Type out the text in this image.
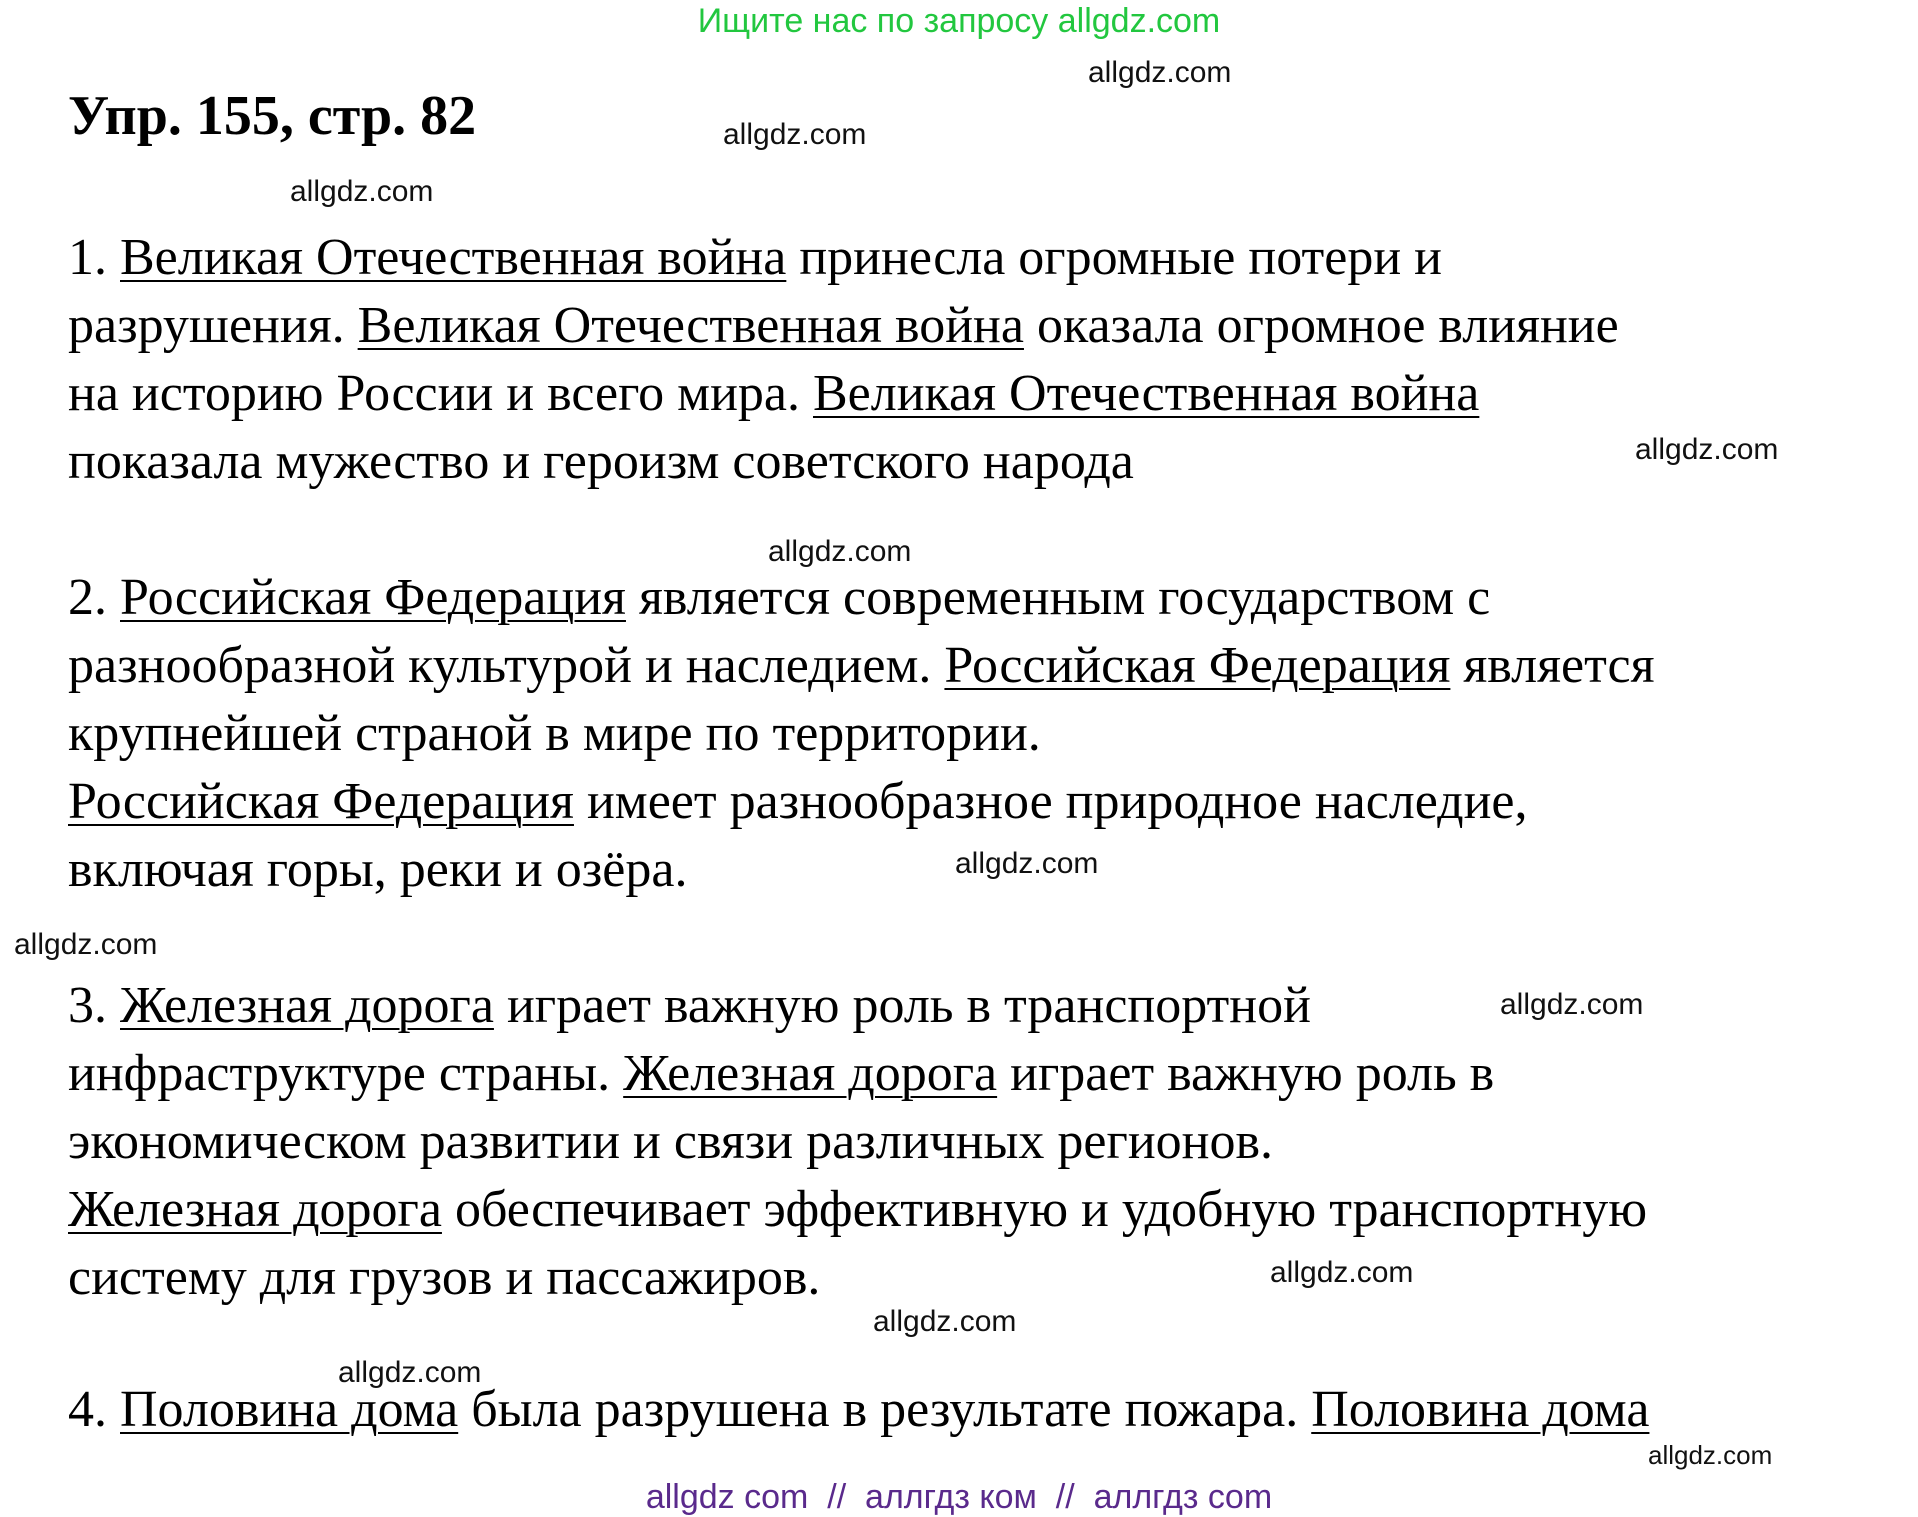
Ищите нас по запросу allgdz.com
Упр. 155, стр. 82
allgdz.com
allgdz.com
allgdz.com
allgdz.com
allgdz.com
allgdz.com
allgdz.com
allgdz.com
allgdz.com
allgdz.com
allgdz.com
allgdz.com
1. Великая Отечественная война принесла огромные потери и
разрушения. Великая Отечественная война оказала огромное влияние
на историю России и всего мира. Великая Отечественная война
показала мужество и героизм советского народа
2. Российская Федерация является современным государством с
разнообразной культурой и наследием. Российская Федерация является
крупнейшей страной в мире по территории.
Российская Федерация имеет разнообразное природное наследие,
включая горы, реки и озёра.
3. Железная дорога играет важную роль в транспортной
инфраструктуре страны. Железная дорога играет важную роль в
экономическом развитии и связи различных регионов.
Железная дорога обеспечивает эффективную и удобную транспортную
систему для грузов и пассажиров.
4. Половина дома была разрушена в результате пожара. Половина дома
allgdz com  //  аллгдз ком  //  аллгдз com
